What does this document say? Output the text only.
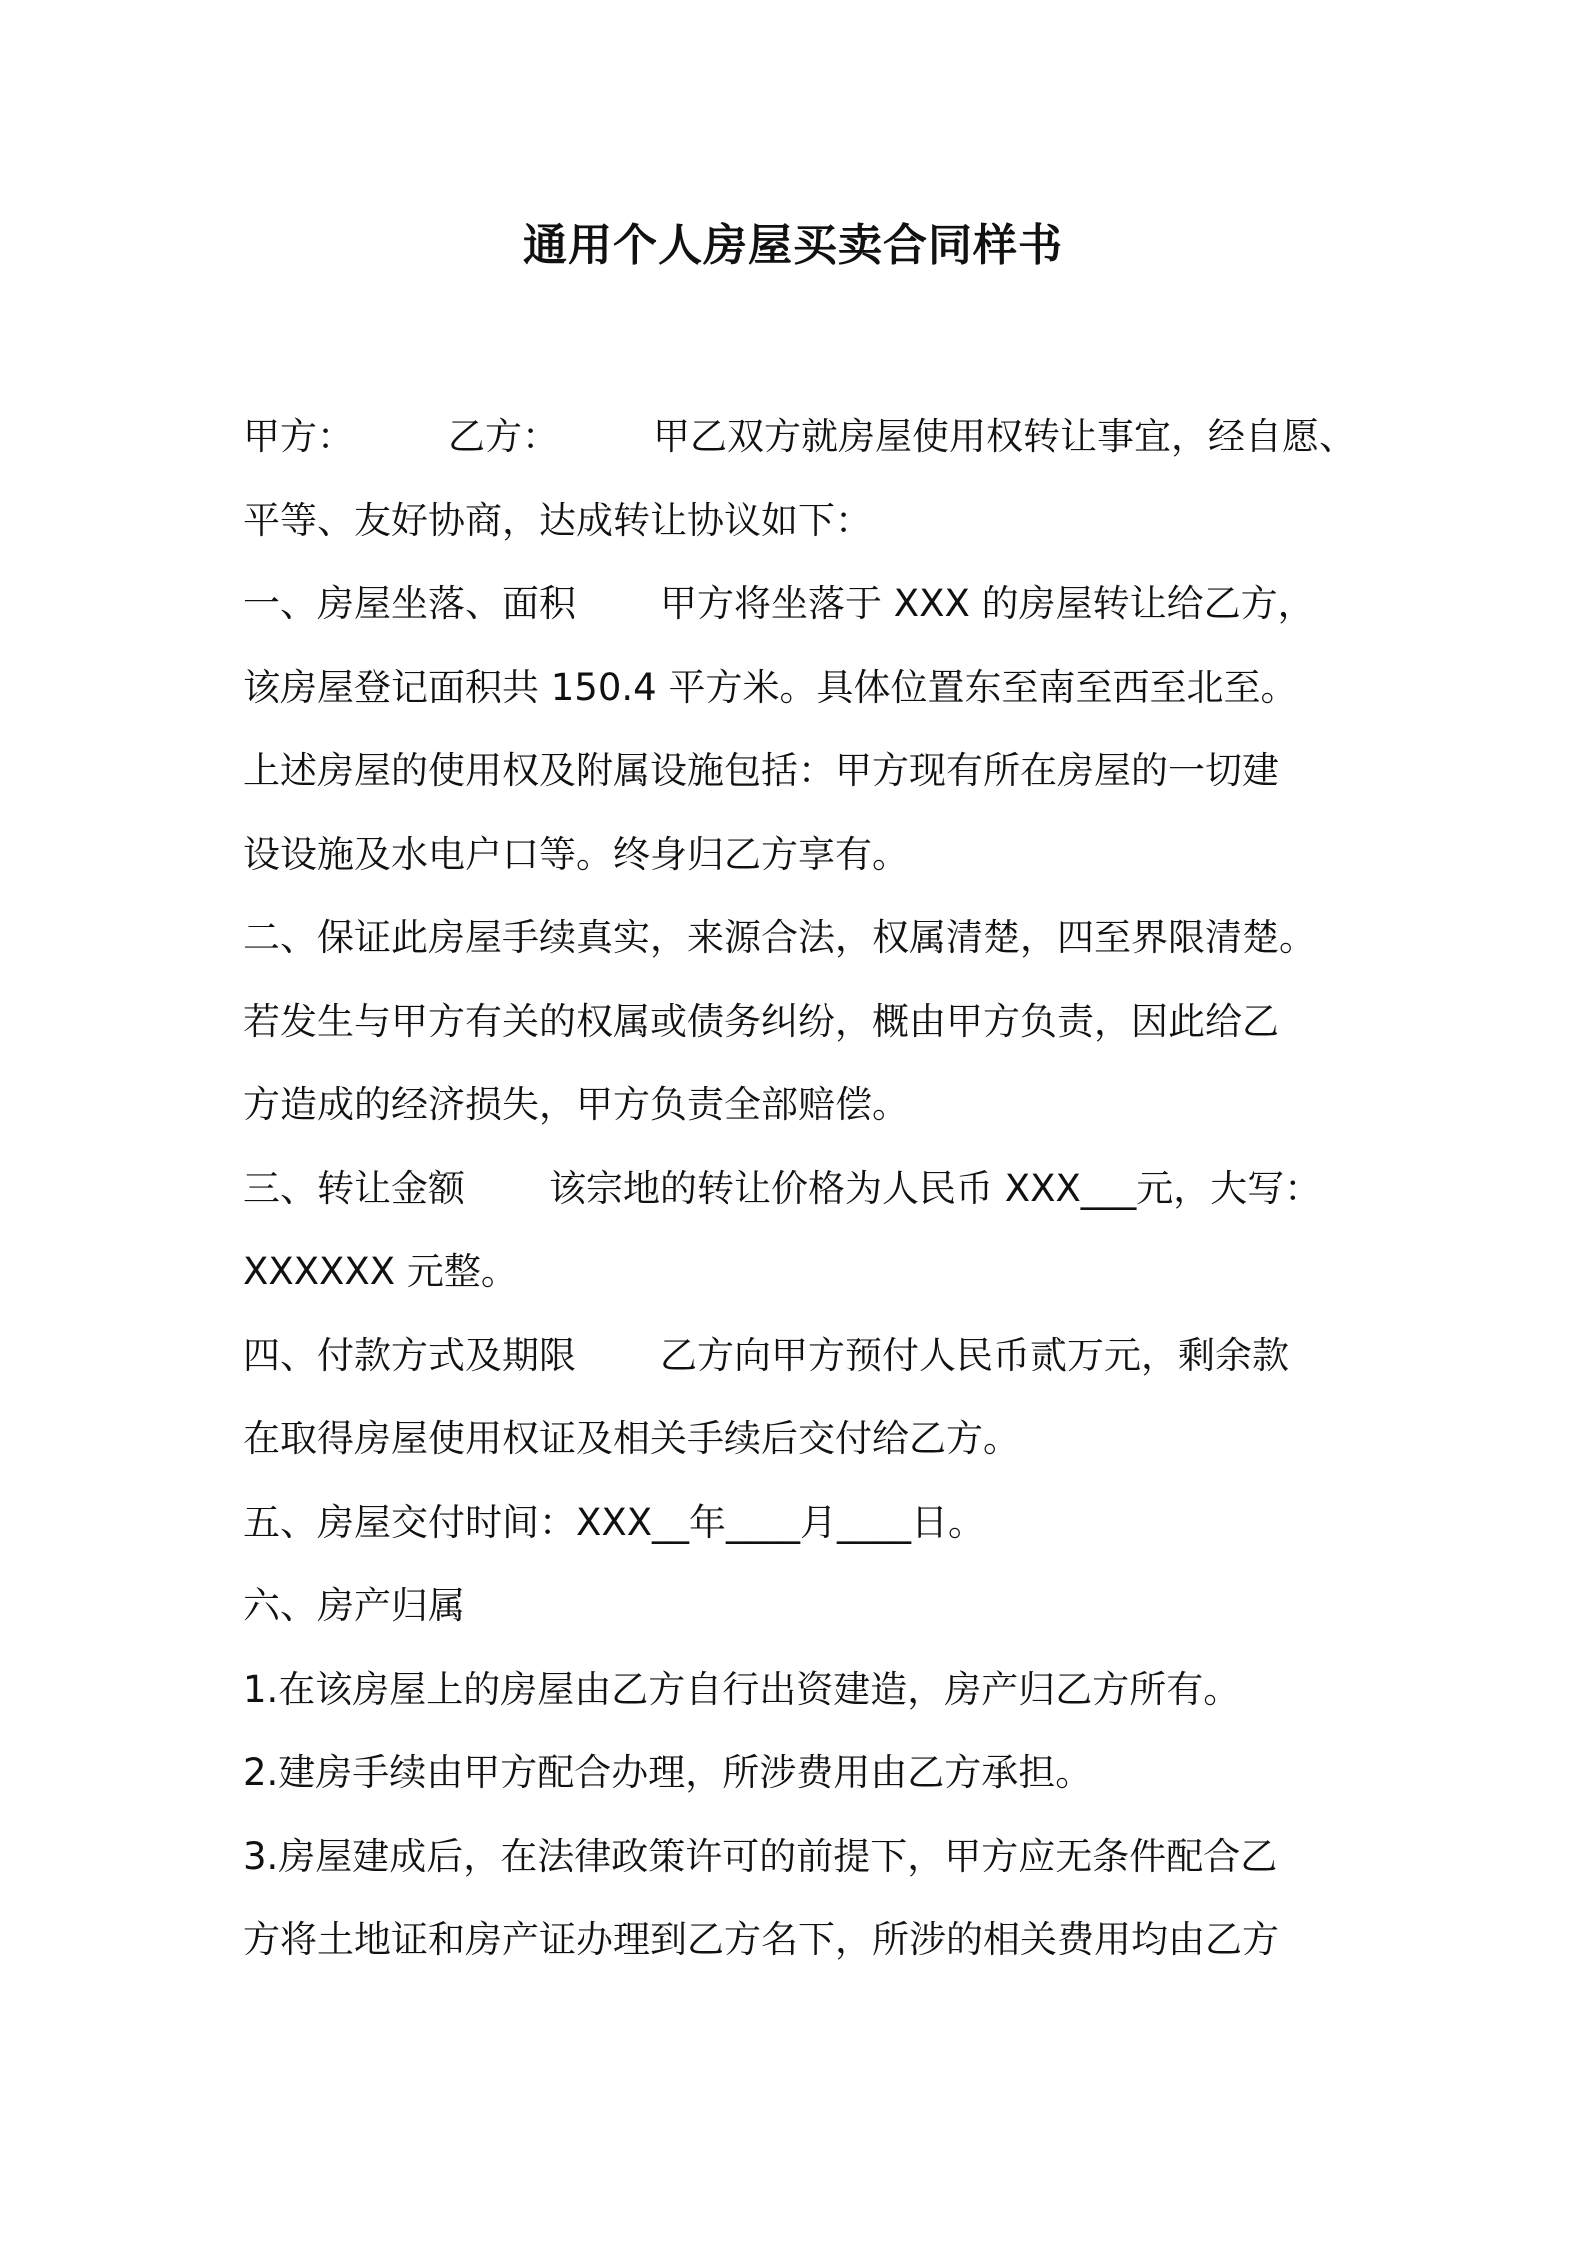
通用个人房屋买卖合同样书
甲方：	乙方：	甲乙双方就房屋使用权转让事宜，经自愿、
平等、友好协商，达成转让协议如下：
一、房屋坐落、面积 甲方将坐落于 XXX 的房屋转让给乙方，
该房屋登记面积共 150.4 平方米。具体位置东至南至西至北至。
上述房屋的使用权及附属设施包括：甲方现有所在房屋的一切建
设设施及水电户口等。终身归乙方享有。
二、保证此房屋手续真实，来源合法，权属清楚，四至界限清楚。
若发生与甲方有关的权属或债务纠纷，概由甲方负责，因此给乙
方造成的经济损失，甲方负责全部赔偿。
三、转让金额 该宗地的转让价格为人民币 XXX___元，大写：
XXXXXX 元整。
四、付款方式及期限 乙方向甲方预付人民币贰万元，剩余款
在取得房屋使用权证及相关手续后交付给乙方。
五、房屋交付时间：XXX__年____月____日。
六、房产归属
1.在该房屋上的房屋由乙方自行出资建造，房产归乙方所有。
2.建房手续由甲方配合办理，所涉费用由乙方承担。
3.房屋建成后，在法律政策许可的前提下，甲方应无条件配合乙
方将土地证和房产证办理到乙方名下，所涉的相关费用均由乙方
